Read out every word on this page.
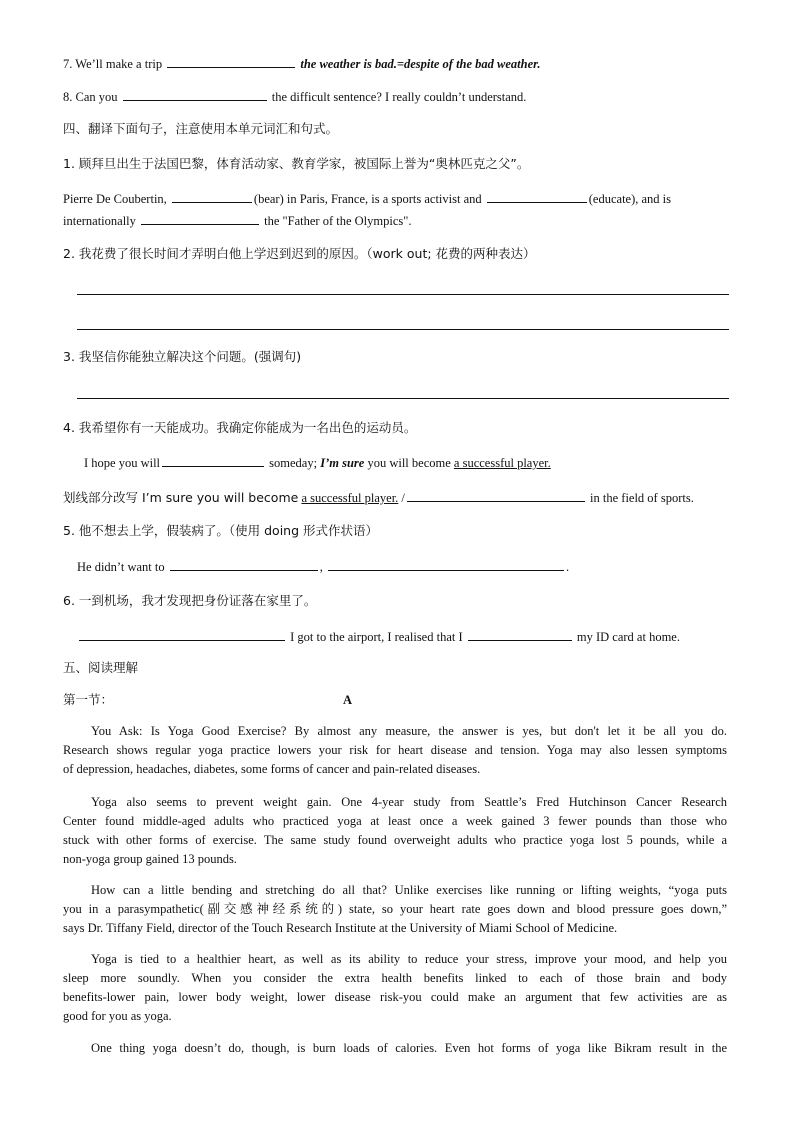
7. We’ll make a trip	the weather is bad.=despite of the bad weather.
8. Can you	the difficult sentence? I really couldn’t understand.
四、翻译下面句子，注意使用本单元词汇和句式。
1. 顾拜旦出生于法国巴黎，体育活动家、教育学家，被国际上誉为“奥林匹克之父”。
Pierre De Coubertin,	(bear) in Paris, France, is a sports activist and	(educate), and is
internationally	the "Father of the Olympics".
2. 我花费了很长时间才弄明白他上学迟到迟到的原因。（work out; 花费的两种表达）
3. 我坚信你能独立解决这个问题。(强调句)
4. 我希望你有一天能成功。我确定你能成为一名出色的运动员。
I hope you will	someday; I’m sure you will become a successful player.
划线部分改写 I’m sure you will become a successful player. /	in the field of sports.
5. 他不想去上学，假装病了。（使用 doing 形式作状语）
He didn’t want to	,	.
6. 一到机场，我才发现把身份证落在家里了。
I got to the airport, I realised that I	my ID card at home.
五、阅读理解
第一节：	A
You Ask: Is Yoga Good Exercise? By almost any measure, the answer is yes, but don't let it be all you do.
Research shows regular yoga practice lowers your risk for heart disease and tension. Yoga may also lessen symptoms
of depression, headaches, diabetes, some forms of cancer and pain-related diseases.
Yoga also seems to prevent weight gain. One 4-year study from Seattle’s Fred Hutchinson Cancer Research
Center found middle-aged adults who practiced yoga at least once a week gained 3 fewer pounds than those who
stuck with other forms of exercise. The same study found overweight adults who practice yoga lost 5 pounds, while a
non-yoga group gained 13 pounds.
How can a little bending and stretching do all that? Unlike exercises like running or lifting weights, “yoga puts
you in a parasympathetic(副交感神经系统的) state, so your heart rate goes down and blood pressure goes down,”
says Dr. Tiffany Field, director of the Touch Research Institute at the University of Miami School of Medicine.
Yoga is tied to a healthier heart, as well as its ability to reduce your stress, improve your mood, and help you
sleep more soundly. When you consider the extra health benefits linked to each of those brain and body
benefits-lower pain, lower body weight, lower disease risk-you could make an argument that few activities are as
good for you as yoga.
One thing yoga doesn’t do, though, is burn loads of calories. Even hot forms of yoga like Bikram result in the
